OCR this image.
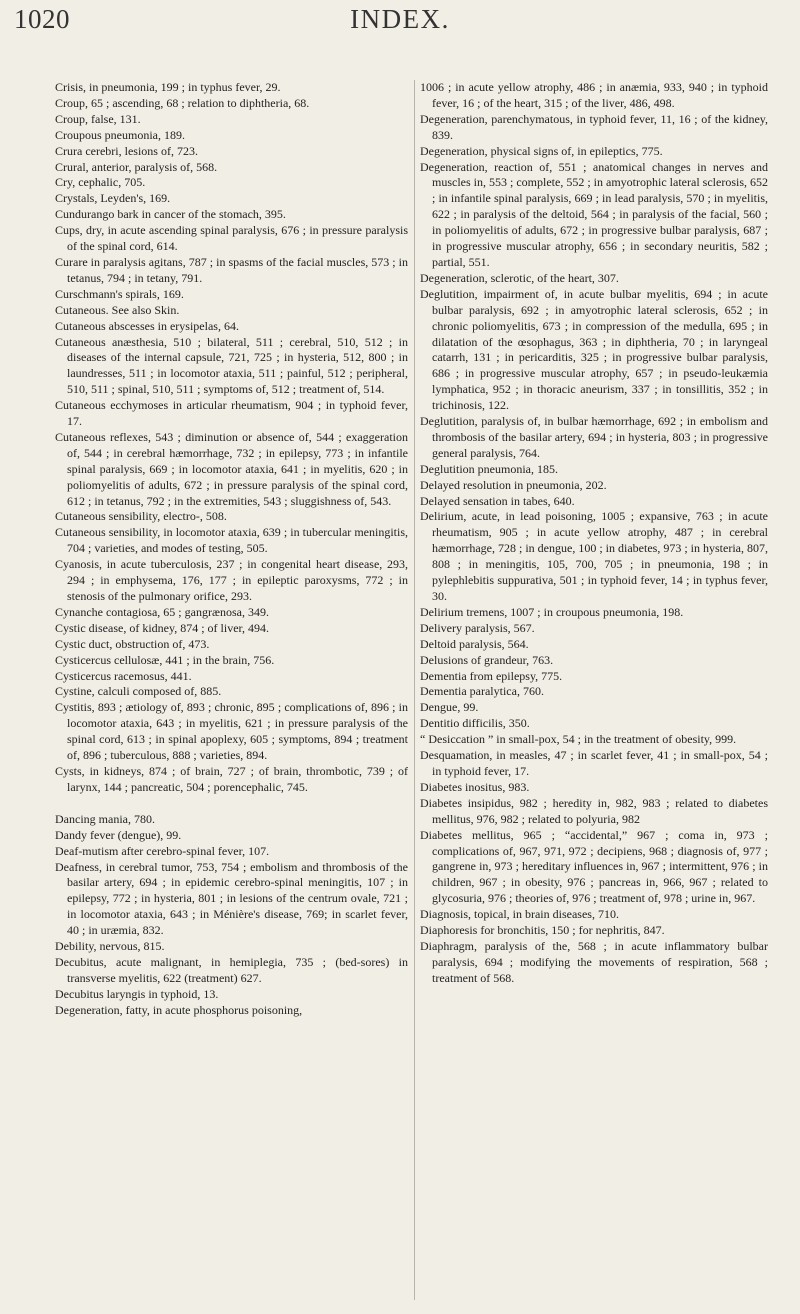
1020	INDEX.

Crisis, in pneumonia, 199 ; in typhus fever, 29.

Croup, 65 ; ascending, 68 ; relation to diphtheria, 68.

Croup, false, 131.

Croupous pneumonia, 189.

Crura cerebri, lesions of, 723.

Crural, anterior, paralysis of, 568.

Cry, cephalic, 705.

Crystals, Leyden's, 169.

Cundurango bark in cancer of the stomach, 395.

Cups, dry, in acute ascending spinal paralysis, 676 ; in pressure paralysis of the spinal cord, 614.

Curare in paralysis agitans, 787 ; in spasms of the facial muscles, 573 ; in tetanus, 794 ; in tetany, 791.

Curschmann's spirals, 169.

Cutaneous. See also Skin.

Cutaneous abscesses in erysipelas, 64.

Cutaneous anæsthesia, 510 ; bilateral, 511 ; cerebral, 510, 512 ; in diseases of the internal capsule, 721, 725 ; in hysteria, 512, 800 ; in laundresses, 511 ; in locomotor ataxia, 511 ; painful, 512 ; peripheral, 510, 511 ; spinal, 510, 511 ; symptoms of, 512 ; treatment of, 514.

Cutaneous ecchymoses in articular rheumatism, 904 ; in typhoid fever, 17.

Cutaneous reflexes, 543 ; diminution or absence of, 544 ; exaggeration of, 544 ; in cerebral hæmorrhage, 732 ; in epilepsy, 773 ; in infantile spinal paralysis, 669 ; in locomotor ataxia, 641 ; in myelitis, 620 ; in poliomyelitis of adults, 672 ; in pressure paralysis of the spinal cord, 612 ; in tetanus, 792 ; in the extremities, 543 ; sluggishness of, 543.

Cutaneous sensibility, electro-, 508.

Cutaneous sensibility, in locomotor ataxia, 639 ; in tubercular meningitis, 704 ; varieties, and modes of testing, 505.

Cyanosis, in acute tuberculosis, 237 ; in congenital heart disease, 293, 294 ; in emphysema, 176, 177 ; in epileptic paroxysms, 772 ; in stenosis of the pulmonary orifice, 293.

Cynanche contagiosa, 65 ; gangrænosa, 349.

Cystic disease, of kidney, 874 ; of liver, 494.

Cystic duct, obstruction of, 473.

Cysticercus cellulosæ, 441 ; in the brain, 756.

Cysticercus racemosus, 441.

Cystine, calculi composed of, 885.

Cystitis, 893 ; ætiology of, 893 ; chronic, 895 ; complications of, 896 ; in locomotor ataxia, 643 ; in myelitis, 621 ; in pressure paralysis of the spinal cord, 613 ; in spinal apoplexy, 605 ; symptoms, 894 ; treatment of, 896 ; tuberculous, 888 ; varieties, 894.

Cysts, in kidneys, 874 ; of brain, 727 ; of brain, thrombotic, 739 ; of larynx, 144 ; pancreatic, 504 ; porencephalic, 745.

Dancing mania, 780.

Dandy fever (dengue), 99.

Deaf-mutism after cerebro-spinal fever, 107.

Deafness, in cerebral tumor, 753, 754 ; embolism and thrombosis of the basilar artery, 694 ; in epidemic cerebro-spinal meningitis, 107 ; in epilepsy, 772 ; in hysteria, 801 ; in lesions of the centrum ovale, 721 ; in locomotor ataxia, 643 ; in Ménière's disease, 769; in scarlet fever, 40 ; in uræmia, 832.

Debility, nervous, 815.

Decubitus, acute malignant, in hemiplegia, 735 ; (bed-sores) in transverse myelitis, 622 (treatment) 627.

Decubitus laryngis in typhoid, 13.

Degeneration, fatty, in acute phosphorus poisoning,

1006 ; in acute yellow atrophy, 486 ; in anæmia, 933, 940 ; in typhoid fever, 16 ; of the heart, 315 ; of the liver, 486, 498.

Degeneration, parenchymatous, in typhoid fever, 11, 16 ; of the kidney, 839.

Degeneration, physical signs of, in epileptics, 775.

Degeneration, reaction of, 551 ; anatomical changes in nerves and muscles in, 553 ; complete, 552 ; in amyotrophic lateral sclerosis, 652 ; in infantile spinal paralysis, 669 ; in lead paralysis, 570 ; in myelitis, 622 ; in paralysis of the deltoid, 564 ; in paralysis of the facial, 560 ; in poliomyelitis of adults, 672 ; in progressive bulbar paralysis, 687 ; in progressive muscular atrophy, 656 ; in secondary neuritis, 582 ; partial, 551.

Degeneration, sclerotic, of the heart, 307.

Deglutition, impairment of, in acute bulbar myelitis, 694 ; in acute bulbar paralysis, 692 ; in amyotrophic lateral sclerosis, 652 ; in chronic poliomyelitis, 673 ; in compression of the medulla, 695 ; in dilatation of the œsophagus, 363 ; in diphtheria, 70 ; in laryngeal catarrh, 131 ; in pericarditis, 325 ; in progressive bulbar paralysis, 686 ; in progressive muscular atrophy, 657 ; in pseudo-leukæmia lymphatica, 952 ; in thoracic aneurism, 337 ; in tonsillitis, 352 ; in trichinosis, 122.

Deglutition, paralysis of, in bulbar hæmorrhage, 692 ; in embolism and thrombosis of the basilar artery, 694 ; in hysteria, 803 ; in progressive general paralysis, 764.

Deglutition pneumonia, 185.

Delayed resolution in pneumonia, 202.

Delayed sensation in tabes, 640.

Delirium, acute, in lead poisoning, 1005 ; expansive, 763 ; in acute rheumatism, 905 ; in acute yellow atrophy, 487 ; in cerebral hæmorrhage, 728 ; in dengue, 100 ; in diabetes, 973 ; in hysteria, 807, 808 ; in meningitis, 105, 700, 705 ; in pneumonia, 198 ; in pylephlebitis suppurativa, 501 ; in typhoid fever, 14 ; in typhus fever, 30.

Delirium tremens, 1007 ; in croupous pneumonia, 198.

Delivery paralysis, 567.

Deltoid paralysis, 564.

Delusions of grandeur, 763.

Dementia from epilepsy, 775.

Dementia paralytica, 760.

Dengue, 99.

Dentitio difficilis, 350.

“ Desiccation ” in small-pox, 54 ; in the treatment of obesity, 999.

Desquamation, in measles, 47 ; in scarlet fever, 41 ; in small-pox, 54 ; in typhoid fever, 17.

Diabetes inositus, 983.

Diabetes insipidus, 982 ; heredity in, 982, 983 ; related to diabetes mellitus, 976, 982 ; related to polyuria, 982

Diabetes mellitus, 965 ; “accidental,” 967 ; coma in, 973 ; complications of, 967, 971, 972 ; decipiens, 968 ; diagnosis of, 977 ; gangrene in, 973 ; hereditary influences in, 967 ; intermittent, 976 ; in children, 967 ; in obesity, 976 ; pancreas in, 966, 967 ; related to glycosuria, 976 ; theories of, 976 ; treatment of, 978 ; urine in, 967.

Diagnosis, topical, in brain diseases, 710.

Diaphoresis for bronchitis, 150 ; for nephritis, 847.

Diaphragm, paralysis of the, 568 ; in acute inflammatory bulbar paralysis, 694 ; modifying the movements of respiration, 568 ; treatment of 568.
